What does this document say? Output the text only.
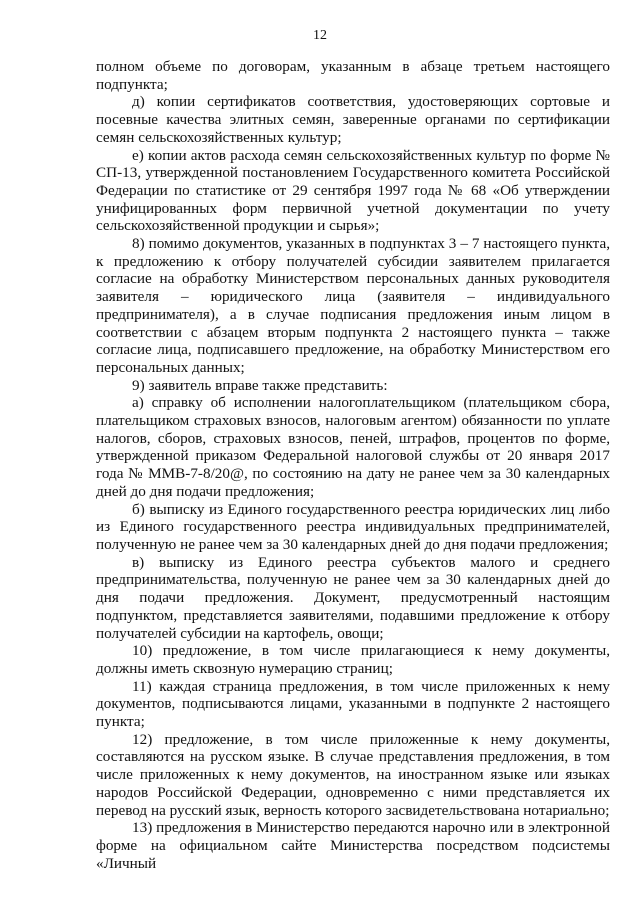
12

полном объеме по договорам, указанным в абзаце третьем настоящего подпункта;

д) копии сертификатов соответствия, удостоверяющих сортовые и посевные качества элитных семян, заверенные органами по сертификации семян сельскохозяйственных культур;

е) копии актов расхода семян сельскохозяйственных культур по форме № СП-13, утвержденной постановлением Государственного комитета Российской Федерации по статистике от 29 сентября 1997 года № 68 «Об утверждении унифицированных форм первичной учетной документации по учету сельскохозяйственной продукции и сырья»;

8) помимо документов, указанных в подпунктах 3 – 7 настоящего пункта, к предложению к отбору получателей субсидии заявителем прилагается согласие на обработку Министерством персональных данных руководителя заявителя – юридического лица (заявителя – индивидуального предпринимателя), а в случае подписания предложения иным лицом в соответствии с абзацем вторым подпункта 2 настоящего пункта – также согласие лица, подписавшего предложение, на обработку Министерством его персональных данных;

9) заявитель вправе также представить:

а) справку об исполнении налогоплательщиком (плательщиком сбора, плательщиком страховых взносов, налоговым агентом) обязанности по уплате налогов, сборов, страховых взносов, пеней, штрафов, процентов по форме, утвержденной приказом Федеральной налоговой службы от 20 января 2017 года № ММВ-7-8/20@, по состоянию на дату не ранее чем за 30 календарных дней до дня подачи предложения;

б) выписку из Единого государственного реестра юридических лиц либо из Единого государственного реестра индивидуальных предпринимателей, полученную не ранее чем за 30 календарных дней до дня подачи предложения;

в) выписку из Единого реестра субъектов малого и среднего предпринимательства, полученную не ранее чем за 30 календарных дней до дня подачи предложения. Документ, предусмотренный настоящим подпунктом, представляется заявителями, подавшими предложение к отбору получателей субсидии на картофель, овощи;

10) предложение, в том числе прилагающиеся к нему документы, должны иметь сквозную нумерацию страниц;

11) каждая страница предложения, в том числе приложенных к нему документов, подписываются лицами, указанными в подпункте 2 настоящего пункта;

12) предложение, в том числе приложенные к нему документы, составляются на русском языке. В случае представления предложения, в том числе приложенных к нему документов, на иностранном языке или языках народов Российской Федерации, одновременно с ними представляется их перевод на русский язык, верность которого засвидетельствована нотариально;

13) предложения в Министерство передаются нарочно или в электронной форме на официальном сайте Министерства посредством подсистемы «Личный
